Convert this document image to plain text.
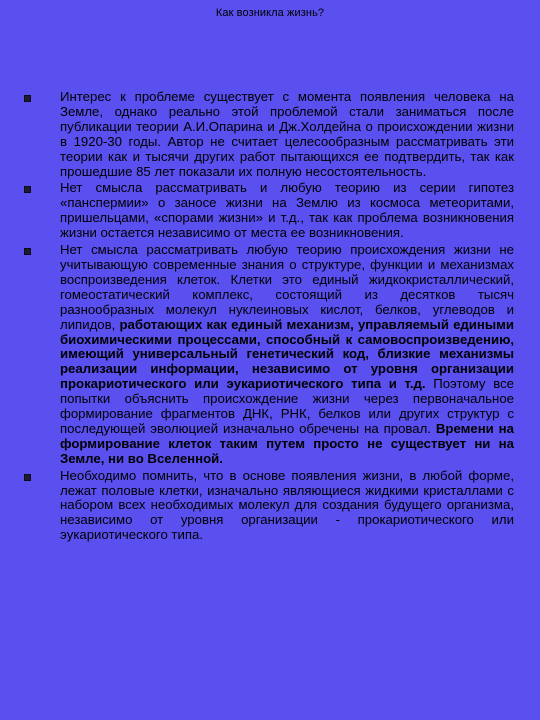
Как возникла жизнь?
Интерес к проблеме существует с момента появления человека на Земле, однако реально этой проблемой стали заниматься после публикации теории А.И.Опарина и Дж.Холдейна о происхождении жизни в 1920-30 годы. Автор не считает целесообразным рассматривать эти теории как и тысячи других работ пытающихся ее подтвердить, так как прошедшие 85 лет показали их полную несостоятельность.
Нет смысла рассматривать и любую теорию из серии гипотез «панспермии» о заносе жизни на Землю из космоса метеоритами, пришельцами, «спорами жизни» и т.д., так как проблема возникновения жизни остается независимо от места ее возникновения.
Нет смысла рассматривать любую теорию происхождения жизни не учитывающую современные знания о структуре, функции и механизмах воспроизведения клеток. Клетки это единый жидкокристаллический, гомеостатический комплекс, состоящий из десятков тысяч разнообразных молекул нуклеиновых кислот, белков, углеводов и липидов, работающих как единый механизм, управляемый едиными биохимическими процессами, способный к самовоспроизведению, имеющий универсальный генетический код, близкие механизмы реализации информации, независимо от уровня организации прокариотического или эукариотического типа и т.д. Поэтому все попытки объяснить происхождение жизни через первоначальное формирование фрагментов ДНК, РНК, белков или других структур с последующей эволюцией изначально обречены на провал. Времени на формирование клеток таким путем просто не существует ни на Земле, ни во Вселенной.
Необходимо помнить, что в основе появления жизни, в любой форме, лежат половые клетки, изначально являющиеся жидкими кристаллами с набором всех необходимых молекул для создания будущего организма, независимо от уровня организации - прокариотического или эукариотического типа.
